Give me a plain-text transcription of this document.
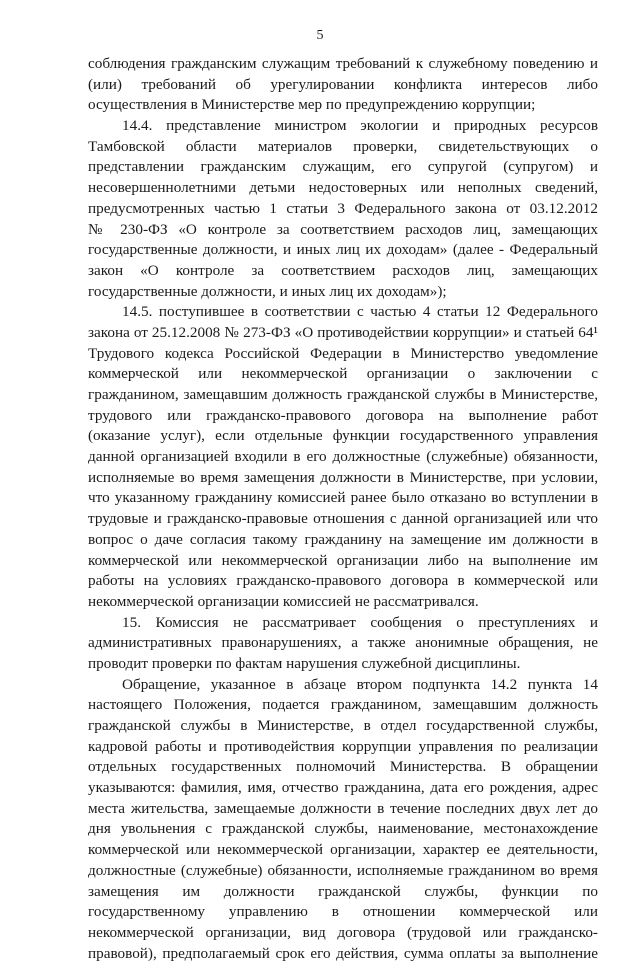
5
соблюдения гражданским служащим требований к служебному поведению и
(или) требований об урегулировании конфликта интересов либо
осуществления в Министерстве мер по предупреждению коррупции;
14.4. представление министром экологии и природных ресурсов
Тамбовской области материалов проверки, свидетельствующих о
представлении гражданским служащим, его супругой (супругом) и
несовершеннолетними детьми недостоверных или неполных сведений,
предусмотренных частью 1 статьи 3 Федерального закона от 03.12.2012
№ 230-ФЗ «О контроле за соответствием расходов лиц, замещающих
государственные должности, и иных лиц их доходам» (далее - Федеральный
закон «О контроле за соответствием расходов лиц, замещающих
государственные должности, и иных лиц их доходам»);
14.5. поступившее в соответствии с частью 4 статьи 12 Федерального
закона от 25.12.2008 № 273-ФЗ «О противодействии коррупции» и статьей 64¹
Трудового кодекса Российской Федерации в Министерство уведомление
коммерческой или некоммерческой организации о заключении с
гражданином, замещавшим должность гражданской службы в Министерстве,
трудового или гражданско-правового договора на выполнение работ
(оказание услуг), если отдельные функции государственного управления
данной организацией входили в его должностные (служебные) обязанности,
исполняемые во время замещения должности в Министерстве, при условии,
что указанному гражданину комиссией ранее было отказано во вступлении в
трудовые и гражданско-правовые отношения с данной организацией или что
вопрос о даче согласия такому гражданину на замещение им должности в
коммерческой или некоммерческой организации либо на выполнение им
работы на условиях гражданско-правового договора в коммерческой или
некоммерческой организации комиссией не рассматривался.
15. Комиссия не рассматривает сообщения о преступлениях и
административных правонарушениях, а также анонимные обращения, не
проводит проверки по фактам нарушения служебной дисциплины.
Обращение, указанное в абзаце втором подпункта 14.2 пункта 14
настоящего Положения, подается гражданином, замещавшим должность
гражданской службы в Министерстве, в отдел государственной службы,
кадровой работы и противодействия коррупции управления по реализации
отдельных государственных полномочий Министерства. В обращении
указываются: фамилия, имя, отчество гражданина, дата его рождения, адрес
места жительства, замещаемые должности в течение последних двух лет до
дня увольнения с гражданской службы, наименование, местонахождение
коммерческой или некоммерческой организации, характер ее деятельности,
должностные (служебные) обязанности, исполняемые гражданином во время
замещения им должности гражданской службы, функции по
государственному управлению в отношении коммерческой или
некоммерческой организации, вид договора (трудовой или гражданско-
правовой), предполагаемый срок его действия, сумма оплаты за выполнение
